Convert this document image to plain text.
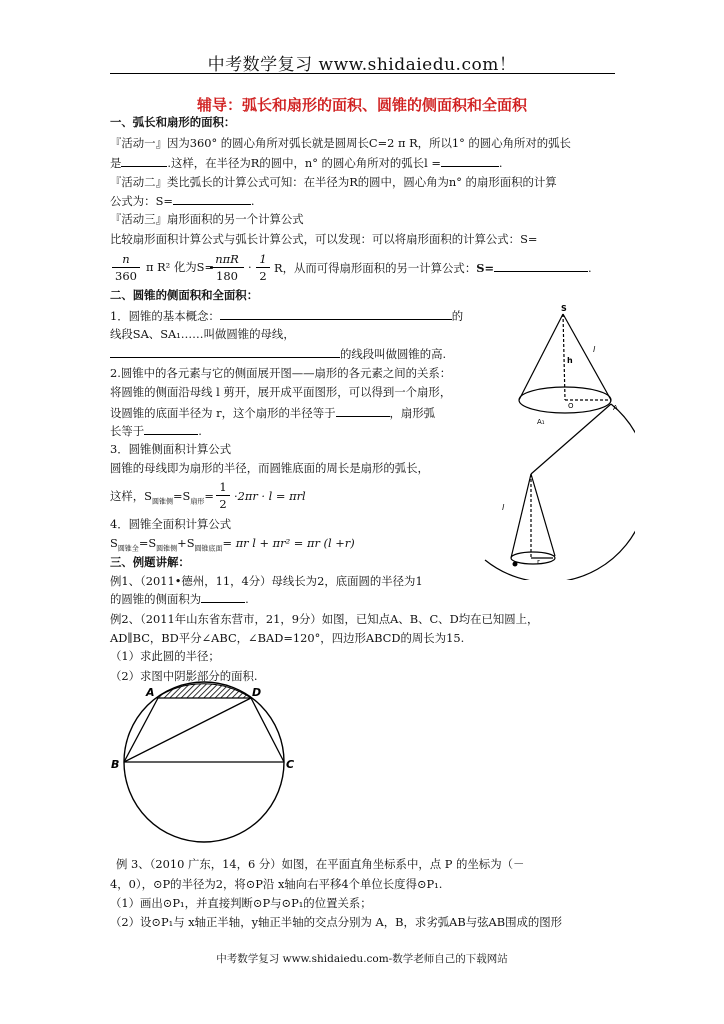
中考数学复习 www.shidaiedu.com！
辅导：弧长和扇形的面积、圆锥的侧面积和全面积
一、弧长和扇形的面积：
『活动一』因为360° 的圆心角所对弧长就是圆周长C=2 π R，所以1° 的圆心角所对的弧长
是	.这样，在半径为R的圆中，n° 的圆心角所对的弧长l =	.
『活动二』类比弧长的计算公式可知：在半径为R的圆中，圆心角为n° 的扇形面积的计算
公式为：S=	.
『活动三』扇形面积的另一个计算公式
比较扇形面积计算公式与弧长计算公式，可以发现：可以将扇形面积的计算公式：S=
$\frac{n}{360}$ π R² 化为S=
nπR
180
· $\frac{1}{2}$ R，从而可得扇形面积的另一计算公式：S=	.
二、圆锥的侧面积和全面积：
1．圆锥的基本概念：	的
线段SA、SA₁……叫做圆锥的母线，
的线段叫做圆锥的高.
2.圆锥中的各元素与它的侧面展开图——扇形的各元素之间的关系：
将圆锥的侧面沿母线 l 剪开，展开成平面图形，可以得到一个扇形，
设圆锥的底面半径为 r，这个扇形的半径等于	，扇形弧
长等于	.
3．圆锥侧面积计算公式
圆锥的母线即为扇形的半径，而圆锥底面的周长是扇形的弧长，
这样，$S_{圆锥侧}=S_{扇形}= \frac{1}{2} \cdot 2\pi r \cdot l = \pi rl$
4．圆锥全面积计算公式
$S_{圆锥全}=S_{圆锥侧}+S_{圆锥底面}= \pi r$ l + πr² = πr (l +r)
三、例题讲解：
例1、（2011•德州，11，4分）母线长为2，底面圆的半径为1
的圆锥的侧面积为	.
例2、（2011年山东省东营市，21，9分）如图，已知点A、B、C、D均在已知圆上，
AD∥BC，BD平分∠ABC，∠BAD=120°，四边形ABCD的周长为15.
（1）求此圆的半径；
（2）求图中阴影部分的面积.
例 3、（2010 广东，14，6 分）如图，在平面直角坐标系中，点 P 的坐标为（－
4，0），⊙P的半径为2，将⊙P沿 x轴向右平移4个单位长度得⊙P₁.
（1）画出⊙P₁，并直接判断⊙P与⊙P₁的位置关系；
（2）设⊙P₁与 x轴正半轴，y轴正半轴的交点分别为 A，B，求劣弧AB与弦AB围成的图形
中考数学复习 www.shidaiedu.com-数学老师自己的下载网站
S
l
h
O	A
A₁
l
r
A
B	C
D
